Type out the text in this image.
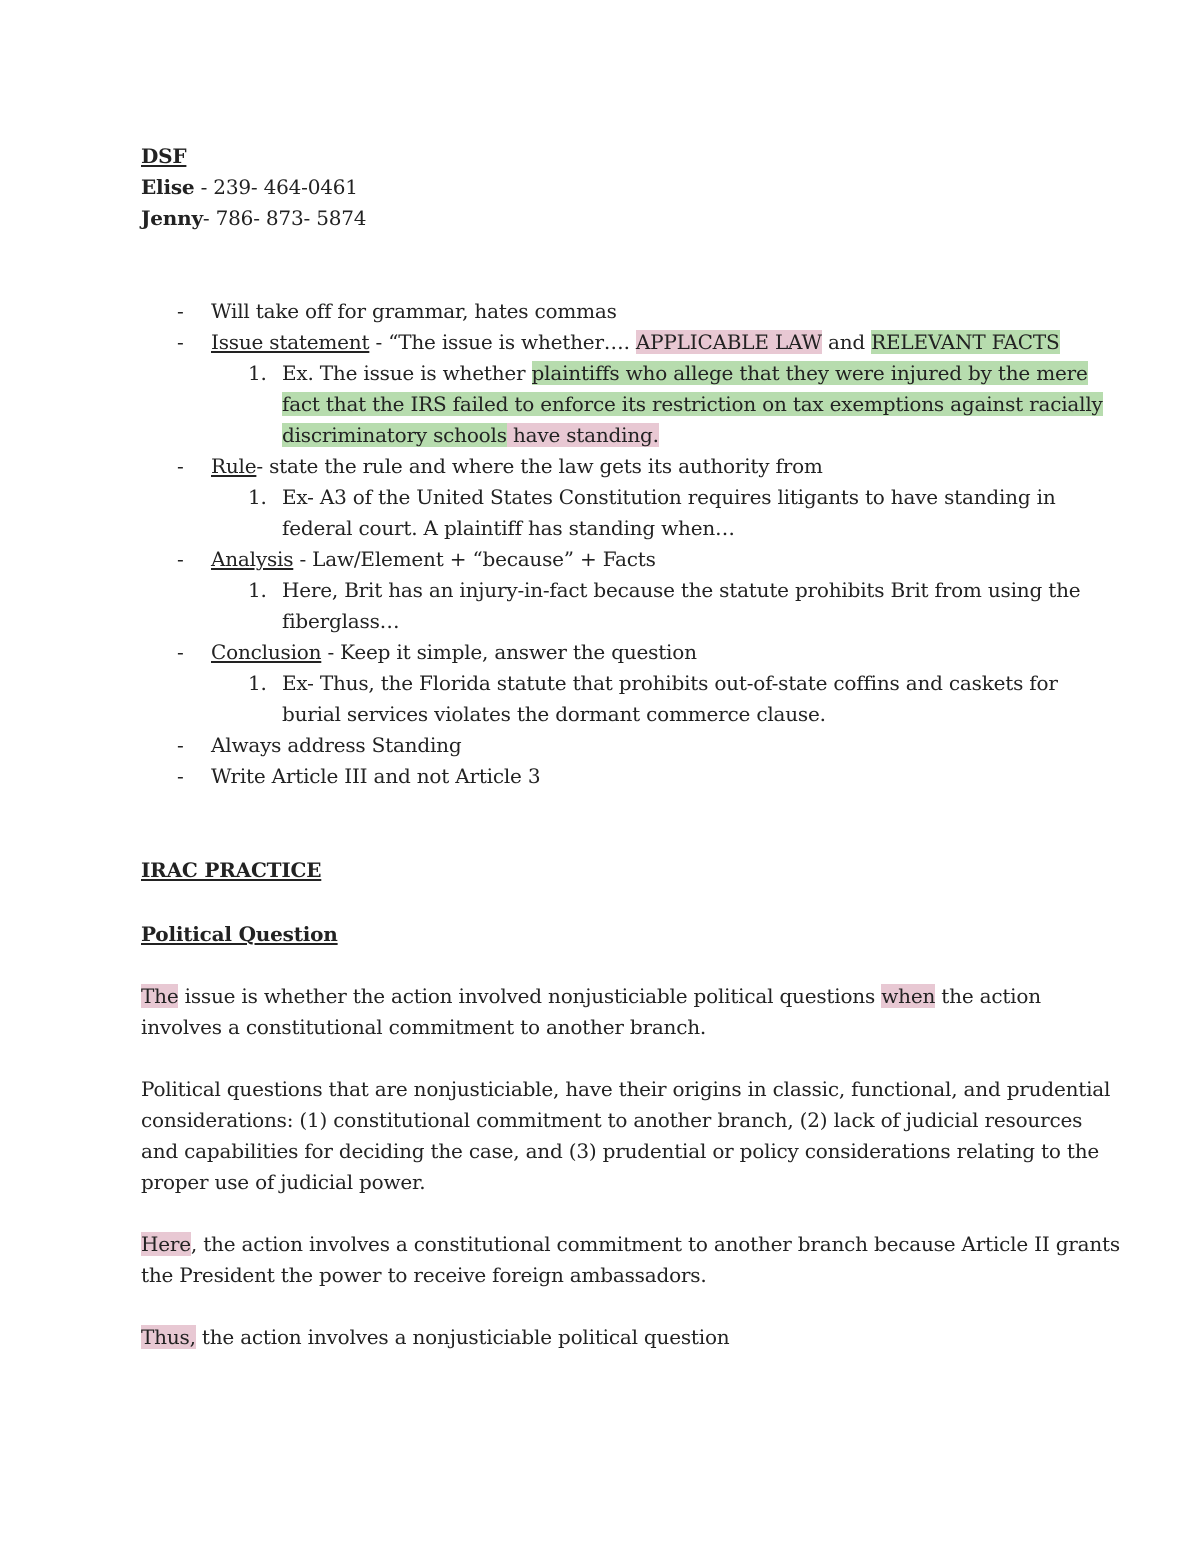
DSF
Elise - 239- 464-0461
Jenny- 786- 873- 5874
- Will take off for grammar, hates commas
- Issue statement - “The issue is whether…. APPLICABLE LAW and RELEVANT FACTS
1. Ex. The issue is whether plaintiffs who allege that they were injured by the mere
fact that the IRS failed to enforce its restriction on tax exemptions against racially
discriminatory schools have standing.
- Rule- state the rule and where the law gets its authority from
1. Ex- A3 of the United States Constitution requires litigants to have standing in
federal court. A plaintiff has standing when…
- Analysis - Law/Element + “because” + Facts
1. Here, Brit has an injury-in-fact because the statute prohibits Brit from using the
fiberglass…
- Conclusion - Keep it simple, answer the question
1. Ex- Thus, the Florida statute that prohibits out-of-state coffins and caskets for
burial services violates the dormant commerce clause.
- Always address Standing
- Write Article III and not Article 3
IRAC PRACTICE
Political Question
The issue is whether the action involved nonjusticiable political questions when the action
involves a constitutional commitment to another branch.
Political questions that are nonjusticiable, have their origins in classic, functional, and prudential
considerations: (1) constitutional commitment to another branch, (2) lack of judicial resources
and capabilities for deciding the case, and (3) prudential or policy considerations relating to the
proper use of judicial power.
Here, the action involves a constitutional commitment to another branch because Article II grants
the President the power to receive foreign ambassadors.
Thus, the action involves a nonjusticiable political question
